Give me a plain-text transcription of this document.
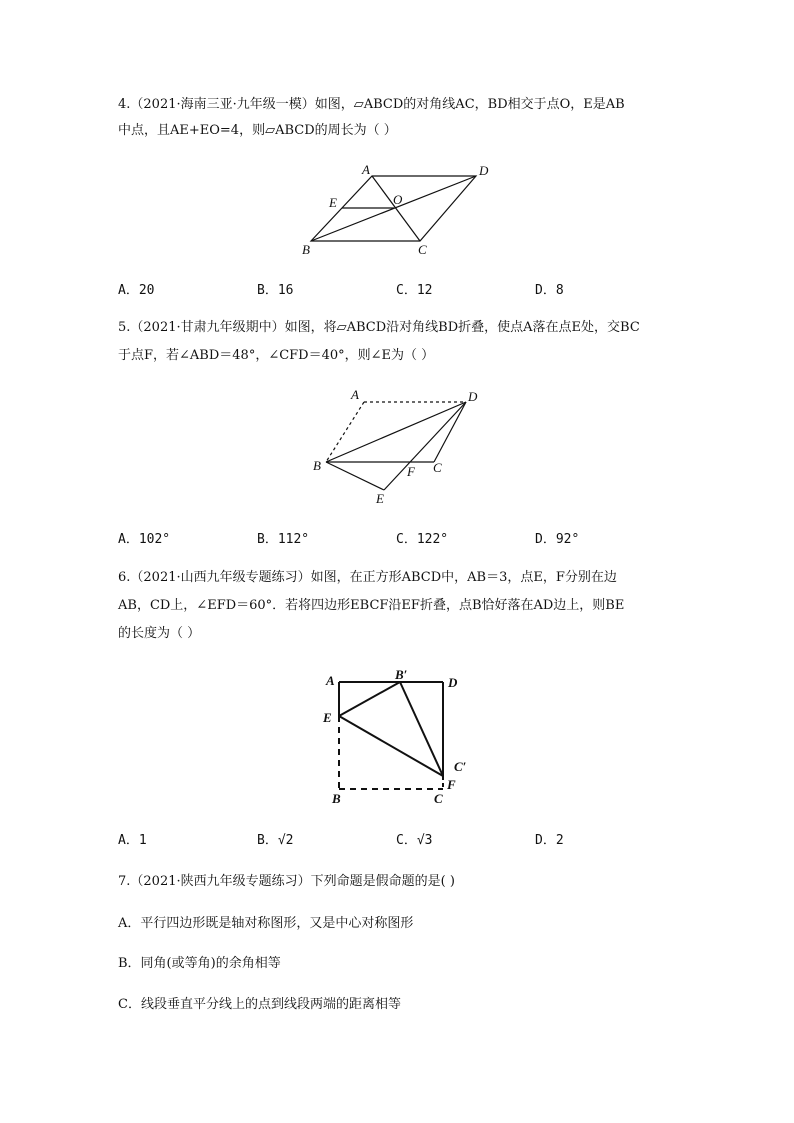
4.（2021·海南三亚·九年级一模）如图，▱ABCD的对角线AC，BD相交于点O，E是AB
中点，且AE+EO=4，则▱ABCD的周长为（ ）
A	D
E	O
B	C
A．20	B．16	C．12	D．8
5.（2021·甘肃九年级期中）如图，将▱ABCD沿对角线BD折叠，使点A落在点E处，交BC
于点F，若∠ABD＝48°，∠CFD＝40°，则∠E为（ ）
A	D
B	F C
E
A．102°	B．112°	C．122°	D．92°
6.（2021·山西九年级专题练习）如图，在正方形ABCD中，AB＝3，点E，F分别在边
AB，CD上，∠EFD＝60°．若将四边形EBCF沿EF折叠，点B恰好落在AD边上，则BE
的长度为（ ）
A	B′
D
E
C′
F
B	C
A．1	B．√2	C．√3	D．2
7.（2021·陕西九年级专题练习）下列命题是假命题的是( )
A．平行四边形既是轴对称图形，又是中心对称图形
B．同角(或等角)的余角相等
C．线段垂直平分线上的点到线段两端的距离相等
